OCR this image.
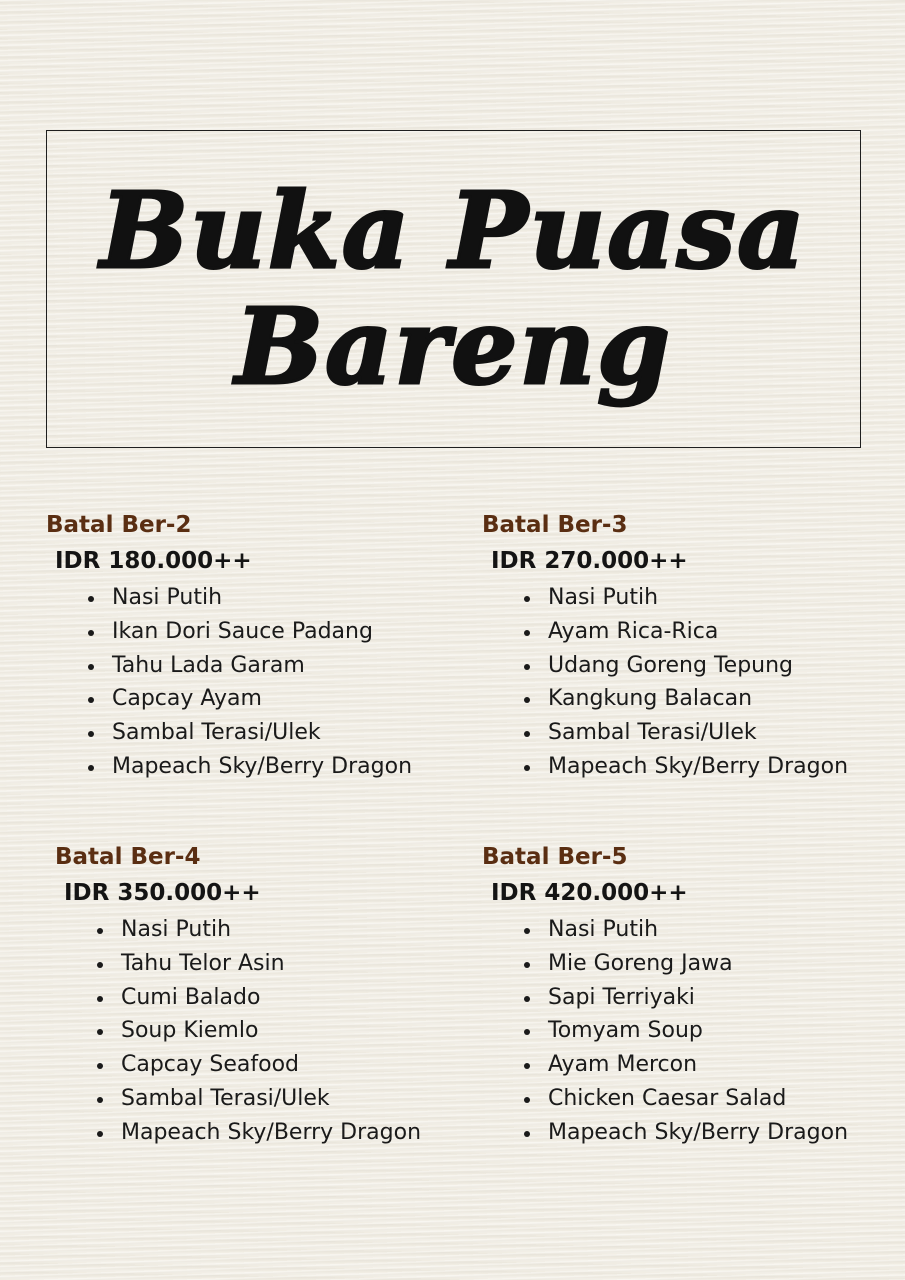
Buka Puasa
Bareng
Batal Ber-2
IDR 180.000++
Nasi Putih
Ikan Dori Sauce Padang
Tahu Lada Garam
Capcay Ayam
Sambal Terasi/Ulek
Mapeach Sky/Berry Dragon
Batal Ber-3
IDR 270.000++
Nasi Putih
Ayam Rica-Rica
Udang Goreng Tepung
Kangkung Balacan
Sambal Terasi/Ulek
Mapeach Sky/Berry Dragon
Batal Ber-4
IDR 350.000++
Nasi Putih
Tahu Telor Asin
Cumi Balado
Soup Kiemlo
Capcay Seafood
Sambal Terasi/Ulek
Mapeach Sky/Berry Dragon
Batal Ber-5
IDR 420.000++
Nasi Putih
Mie Goreng Jawa
Sapi Terriyaki
Tomyam Soup
Ayam Mercon
Chicken Caesar Salad
Mapeach Sky/Berry Dragon
